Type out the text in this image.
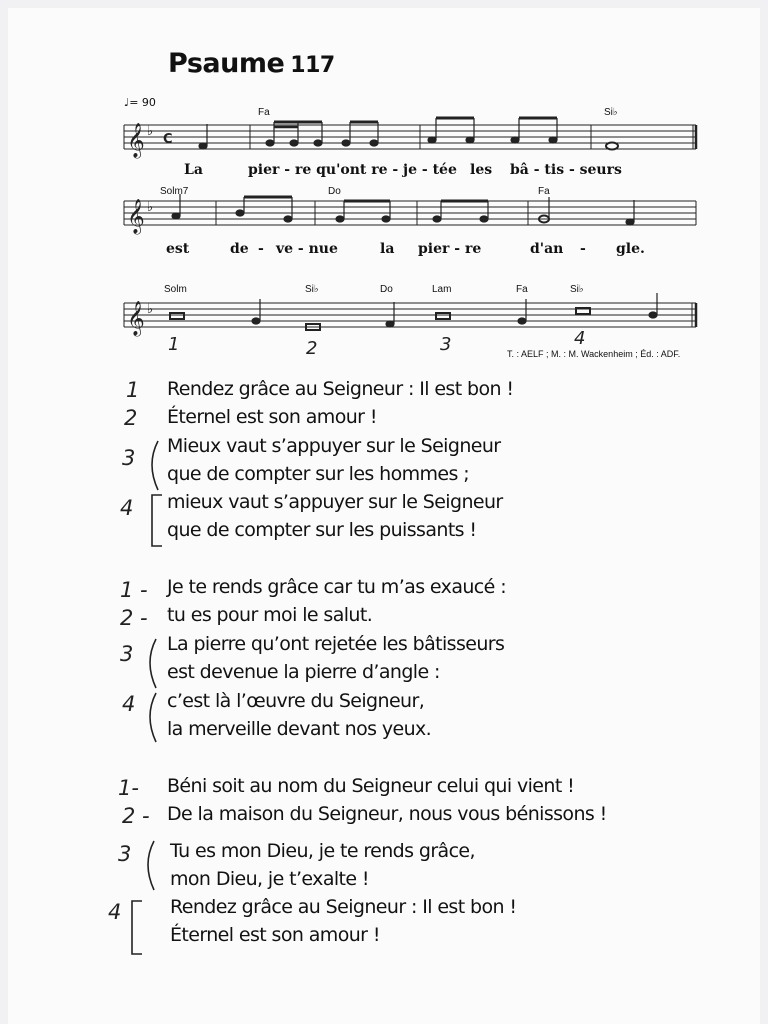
Psaume 117
♩= 90
𝄞 ♭
C
𝄞 ♭
𝄞 ♭
Fa	Si♭
La	pier - re qu'ont re - je - tée les bâ - tis - seurs
Solm7	Do	Fa
est	de - ve - nue	la pier - re	d'an - gle.
Solm	Si♭	Do	Lam	Fa	Si♭
1	2	3	4
T. : AELF ; M. : M. Wackenheim ; Éd. : ADF.
1 Rendez grâce au Seigneur : Il est bon !
2 Éternel est son amour !
3 Mieux vaut s’appuyer sur le Seigneur
que de compter sur les hommes ;
4 mieux vaut s’appuyer sur le Seigneur
que de compter sur les puissants !
1 - Je te rends grâce car tu m’as exaucé :
2 - tu es pour moi le salut.
3 La pierre qu’ont rejetée les bâtisseurs
est devenue la pierre d’angle :
4 c’est là l’œuvre du Seigneur,
la merveille devant nos yeux.
1- Béni soit au nom du Seigneur celui qui vient !
2 - De la maison du Seigneur, nous vous bénissons !
3 Tu es mon Dieu, je te rends grâce,
mon Dieu, je t’exalte !
4	Rendez grâce au Seigneur : Il est bon !
Éternel est son amour !
